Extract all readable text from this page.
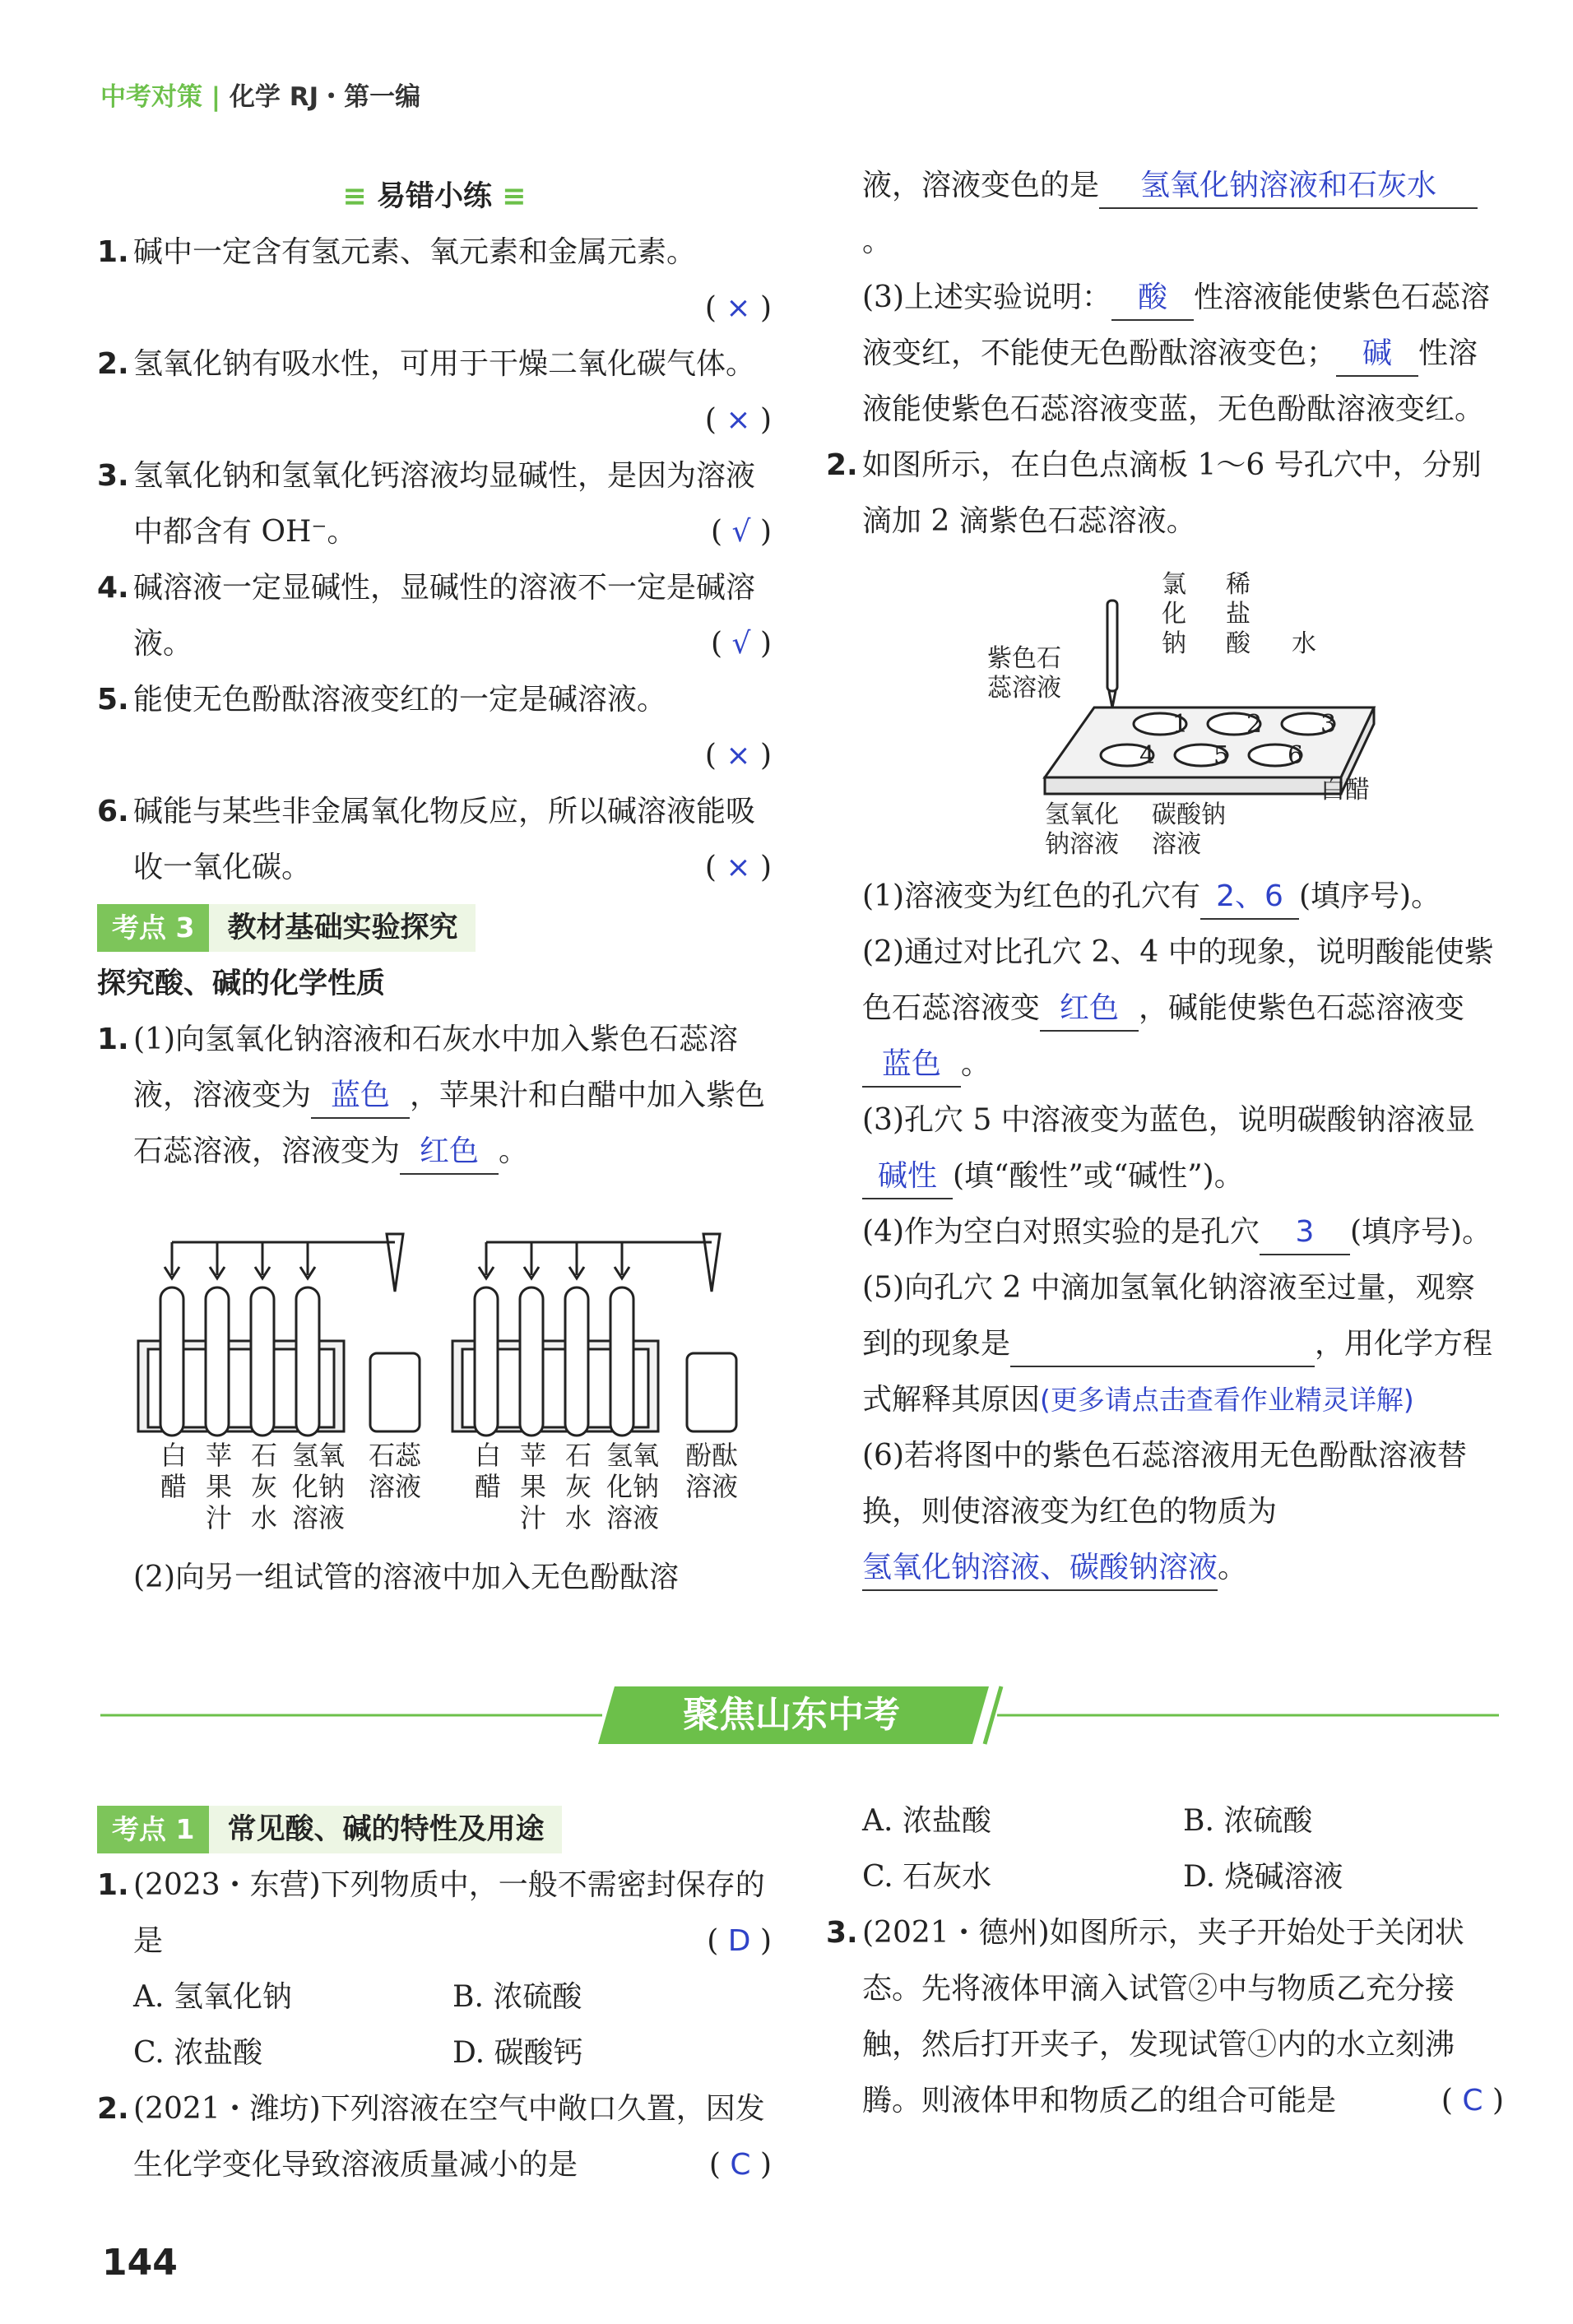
中考对策 | 化学 RJ・第一编
≡ 易错小练 ≡
1. 碱中一定含有氢元素、氧元素和金属元素。
( × )
2. 氢氧化钠有吸水性，可用于干燥二氧化碳气体。
( × )
3. 氢氧化钠和氢氧化钙溶液均显碱性，是因为溶液中都含有 OH⁻。	( √ )
4. 碱溶液一定显碱性，显碱性的溶液不一定是碱溶液。	( √ )
5. 能使无色酚酞溶液变红的一定是碱溶液。
( × )
6. 碱能与某些非金属氧化物反应，所以碱溶液能吸收一氧化碳。	( × )
考点 3	教材基础实验探究
探究酸、碱的化学性质
1. (1)向氢氧化钠溶液和石灰水中加入紫色石蕊溶液，溶液变为 蓝色 ，苹果汁和白醋中加入紫色石蕊溶液，溶液变为 红色 。
白醋
苹果汁
石灰水
氢氧化钠溶液
石蕊溶液
白醋
苹果汁
石灰水
氢氧化钠溶液
酚酞溶液
(2)向另一组试管的溶液中加入无色酚酞溶
液，溶液变色的是 氢氧化钠溶液和石灰水。
(3)上述实验说明： 酸 性溶液能使紫色石蕊溶液变红，不能使无色酚酞溶液变色； 碱 性溶液能使紫色石蕊溶液变蓝，无色酚酞溶液变红。
2. 如图所示，在白色点滴板 1～6 号孔穴中，分别滴加 2 滴紫色石蕊溶液。
1 2 3
4 5 6
紫色石蕊溶液
氯化钠
稀盐酸 水
白醋
氢氧化钠溶液
碳酸钠溶液
(1)溶液变为红色的孔穴有 2、6 (填序号)。
(2)通过对比孔穴 2、4 中的现象，说明酸能使紫色石蕊溶液变 红色 ，碱能使紫色石蕊溶液变蓝色 。
(3)孔穴 5 中溶液变为蓝色，说明碳酸钠溶液显碱性 (填“酸性”或“碱性”)。
(4)作为空白对照实验的是孔穴 3 (填序号)。
(5)向孔穴 2 中滴加氢氧化钠溶液至过量，观察到的现象是	，用化学方程式解释其原因(更多请点击查看作业精灵详解)
(6)若将图中的紫色石蕊溶液用无色酚酞溶液替换，则使溶液变为红色的物质为氢氧化钠溶液、碳酸钠溶液。
聚焦山东中考
考点 1	常见酸、碱的特性及用途
1. (2023・东营)下列物质中，一般不需密封保存的是	( D )
A. 氢氧化钠	B. 浓硫酸
C. 浓盐酸	D. 碳酸钙
2. (2021・潍坊)下列溶液在空气中敞口久置，因发生化学变化导致溶液质量减小的是	( C )
A. 浓盐酸	B. 浓硫酸
C. 石灰水	D. 烧碱溶液
3. (2021・德州)如图所示，夹子开始处于关闭状态。先将液体甲滴入试管②中与物质乙充分接触，然后打开夹子，发现试管①内的水立刻沸腾。则液体甲和物质乙的组合可能是	( C )
144
